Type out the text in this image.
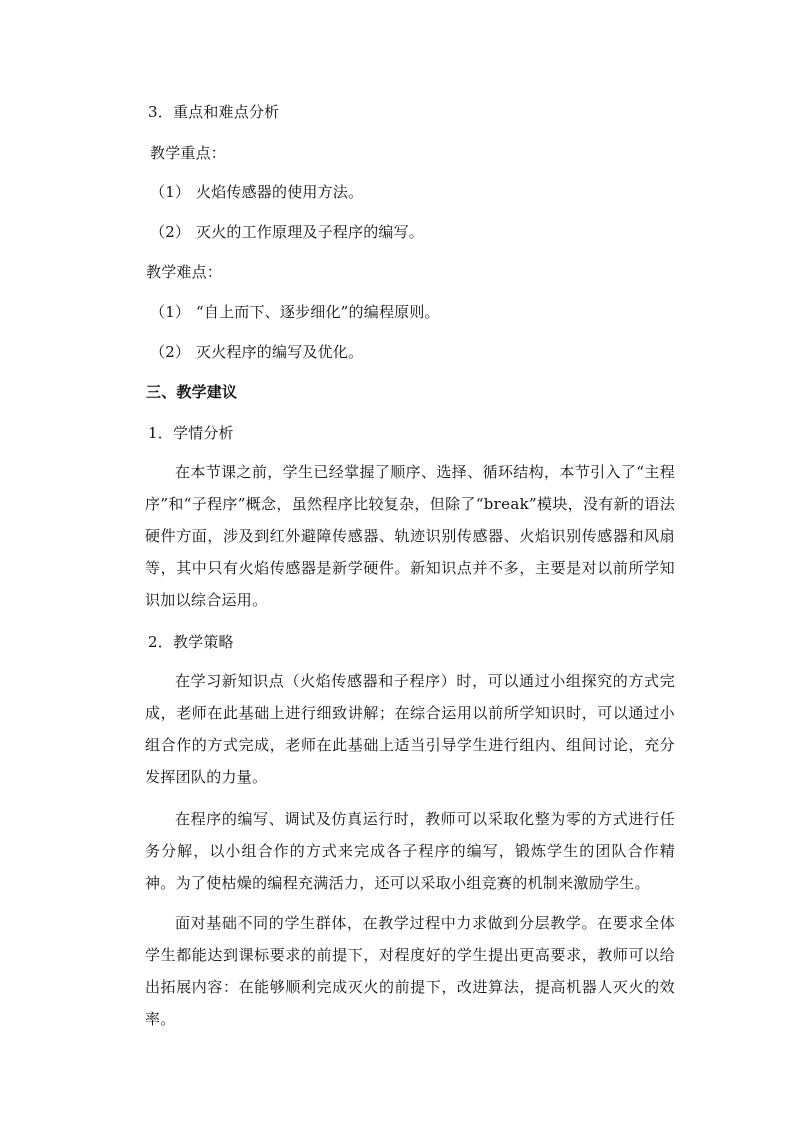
3．重点和难点分析
教学重点：
（1） 火焰传感器的使用方法。
（2） 灭火的工作原理及子程序的编写。
教学难点：
（1） “自上而下、逐步细化”的编程原则。
（2） 灭火程序的编写及优化。
三、教学建议
1．学情分析
在本节课之前，学生已经掌握了顺序、选择、循环结构，本节引入了“主程序”和“子程序”概念，虽然程序比较复杂，但除了“break”模块，没有新的语法硬件方面，涉及到红外避障传感器、轨迹识别传感器、火焰识别传感器和风扇等，其中只有火焰传感器是新学硬件。新知识点并不多，主要是对以前所学知识加以综合运用。
2．教学策略
在学习新知识点（火焰传感器和子程序）时，可以通过小组探究的方式完成，老师在此基础上进行细致讲解；在综合运用以前所学知识时，可以通过小组合作的方式完成，老师在此基础上适当引导学生进行组内、组间讨论，充分发挥团队的力量。
在程序的编写、调试及仿真运行时，教师可以采取化整为零的方式进行任务分解，以小组合作的方式来完成各子程序的编写，锻炼学生的团队合作精神。为了使枯燥的编程充满活力，还可以采取小组竞赛的机制来激励学生。
面对基础不同的学生群体，在教学过程中力求做到分层教学。在要求全体学生都能达到课标要求的前提下，对程度好的学生提出更高要求，教师可以给出拓展内容：在能够顺利完成灭火的前提下，改进算法，提高机器人灭火的效率。
